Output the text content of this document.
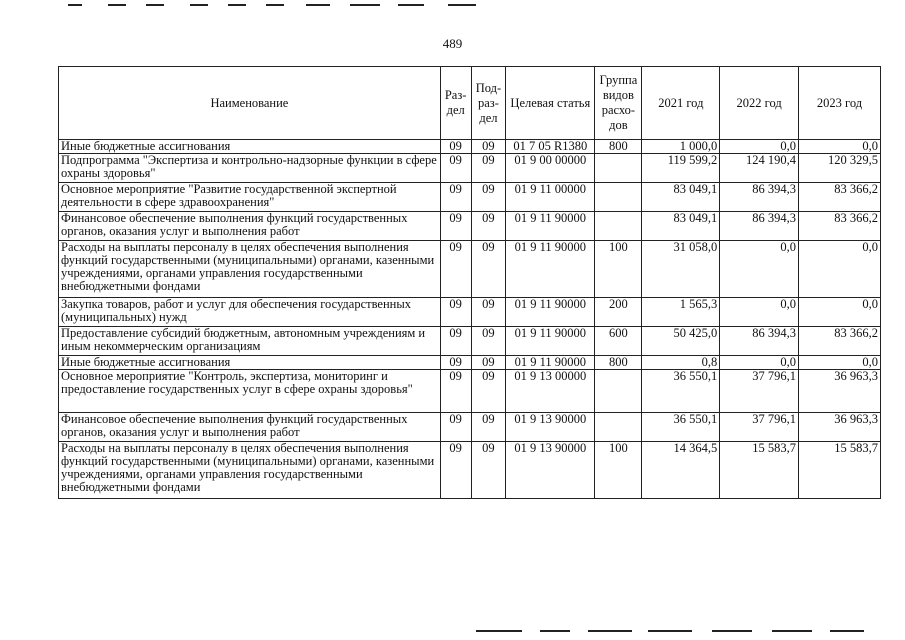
489
Наименование	Раз-дел	Под-раз-дел	Целевая статья	Группа видов расхо-дов	2021 год	2022 год	2023 год
Иные бюджетные ассигнования	09	09	01 7 05 R1380	800	1 000,0	0,0	0,0
Подпрограмма "Экспертиза и контрольно-надзорные функции в сфере охраны здоровья"	09	09	01 9 00 00000		119 599,2	124 190,4	120 329,5
Основное мероприятие "Развитие государственной экспертной деятельности в сфере здравоохранения"	09	09	01 9 11 00000		83 049,1	86 394,3	83 366,2
Финансовое обеспечение выполнения функций государственных органов, оказания услуг и выполнения работ	09	09	01 9 11 90000		83 049,1	86 394,3	83 366,2
Расходы на выплаты персоналу в целях обеспечения выполнения функций государственными (муниципальными) органами, казенными учреждениями, органами управления государственными внебюджетными фондами	09	09	01 9 11 90000	100	31 058,0	0,0	0,0
Закупка товаров, работ и услуг для обеспечения государственных (муниципальных) нужд	09	09	01 9 11 90000	200	1 565,3	0,0	0,0
Предоставление субсидий бюджетным, автономным учреждениям и иным некоммерческим организациям	09	09	01 9 11 90000	600	50 425,0	86 394,3	83 366,2
Иные бюджетные ассигнования	09	09	01 9 11 90000	800	0,8	0,0	0,0
Основное мероприятие "Контроль, экспертиза, мониторинг и предоставление государственных услуг в сфере охраны здоровья"	09	09	01 9 13 00000		36 550,1	37 796,1	36 963,3
Финансовое обеспечение выполнения функций государственных органов, оказания услуг и выполнения работ	09	09	01 9 13 90000		36 550,1	37 796,1	36 963,3
Расходы на выплаты персоналу в целях обеспечения выполнения функций государственными (муниципальными) органами, казенными учреждениями, органами управления государственными внебюджетными фондами	09	09	01 9 13 90000	100	14 364,5	15 583,7	15 583,7
